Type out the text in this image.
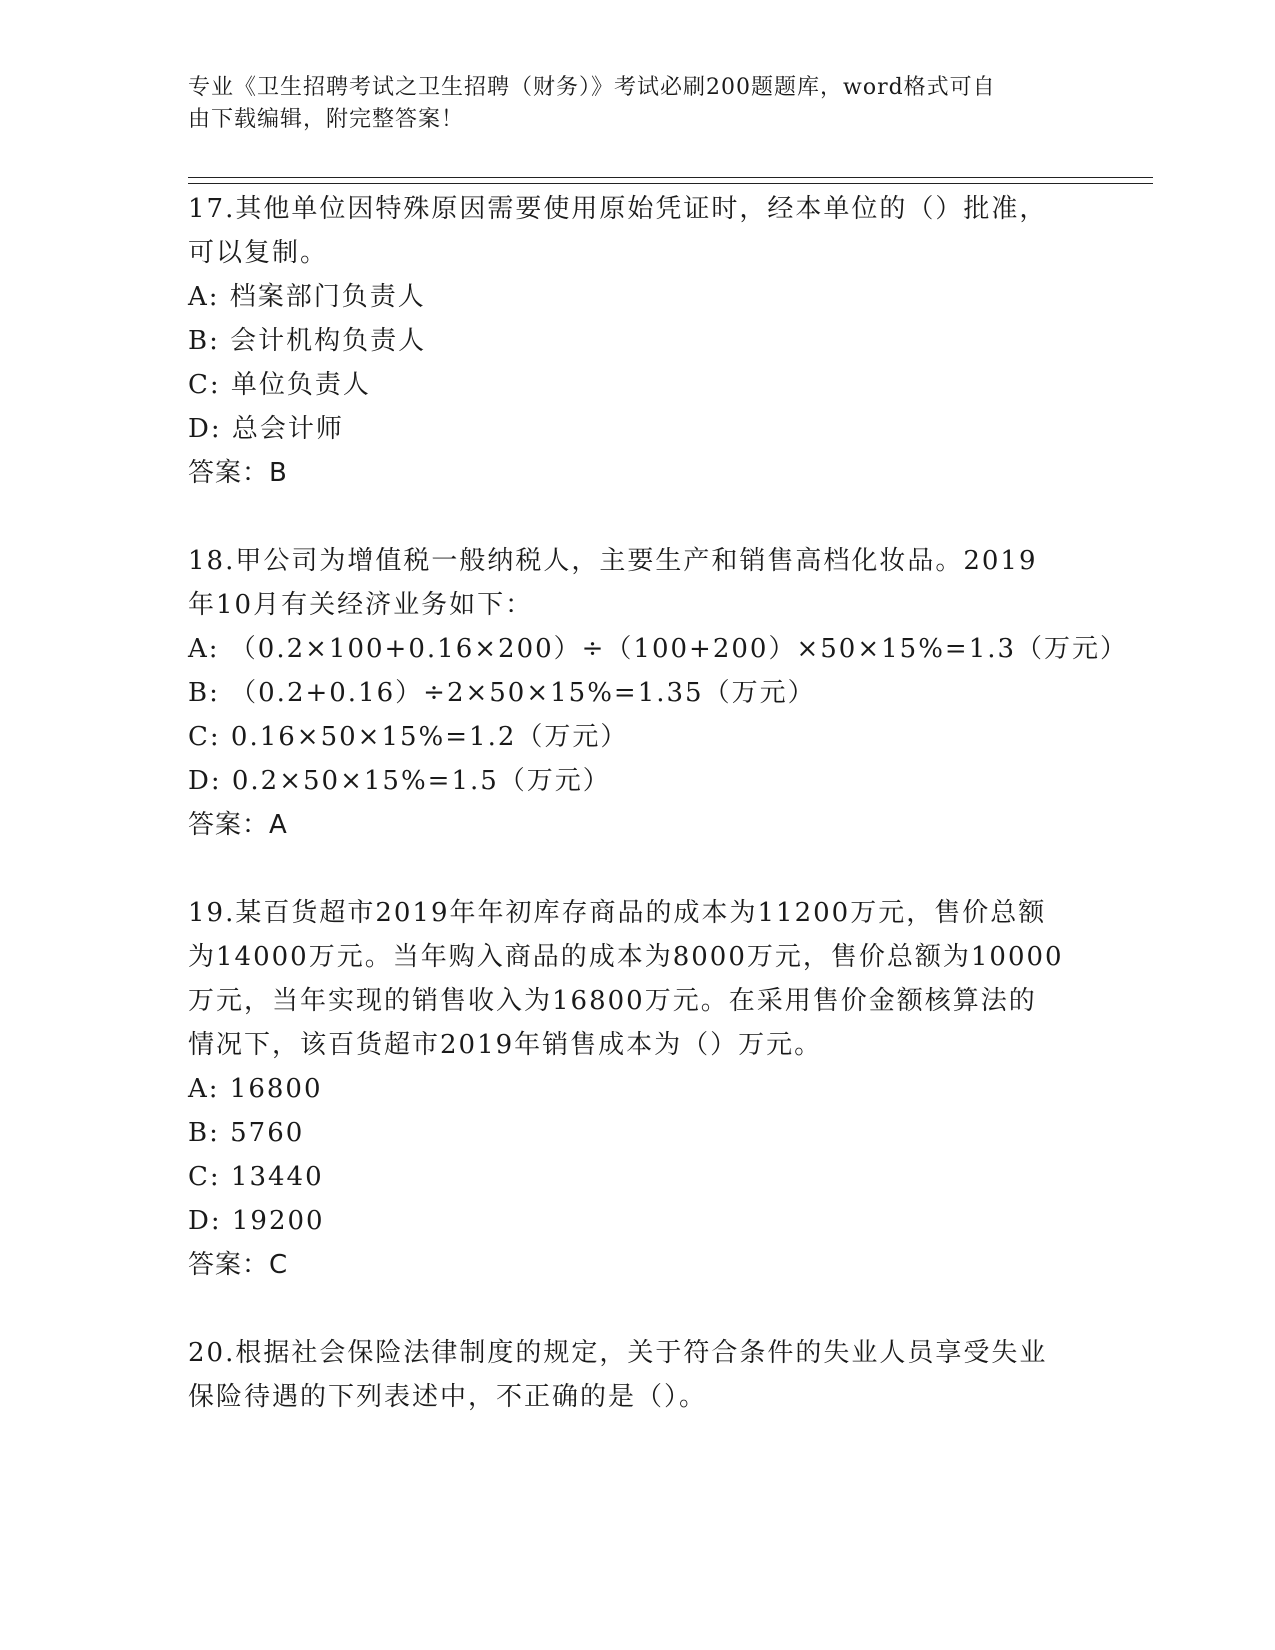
专业《卫生招聘考试之卫生招聘（财务）》考试必刷200题题库，word格式可自
由下载编辑，附完整答案！
17.其他单位因特殊原因需要使用原始凭证时，经本单位的（）批准，
可以复制。
A: 档案部门负责人
B: 会计机构负责人
C: 单位负责人
D: 总会计师
答案：B
18.甲公司为增值税一般纳税人，主要生产和销售高档化妆品。2019
年10月有关经济业务如下：
A: （0.2×100+0.16×200）÷（100+200）×50×15%=1.3（万元）
B: （0.2+0.16）÷2×50×15%=1.35（万元）
C: 0.16×50×15%=1.2（万元）
D: 0.2×50×15%=1.5（万元）
答案：A
19.某百货超市2019年年初库存商品的成本为11200万元，售价总额
为14000万元。当年购入商品的成本为8000万元，售价总额为10000
万元，当年实现的销售收入为16800万元。在采用售价金额核算法的
情况下，该百货超市2019年销售成本为（）万元。
A: 16800
B: 5760
C: 13440
D: 19200
答案：C
20.根据社会保险法律制度的规定，关于符合条件的失业人员享受失业
保险待遇的下列表述中，不正确的是（）。
